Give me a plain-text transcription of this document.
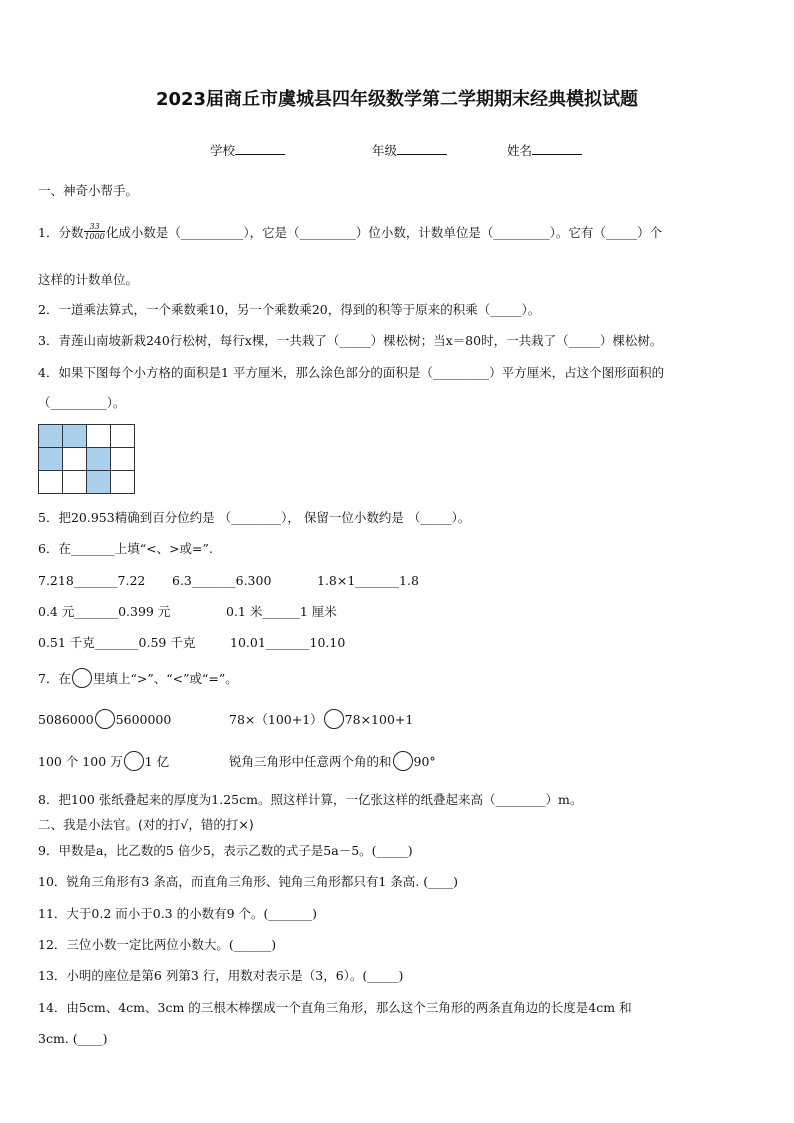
2023届商丘市虞城县四年级数学第二学期期末经典模拟试题
学校	年级	姓名
一、神奇小帮手。
1．分数 $\frac{33}{1000}$ 化成小数是（__________），它是（_________）位小数，计数单位是（_________）。它有（_____）个
这样的计数单位。
2．一道乘法算式，一个乘数乘10，另一个乘数乘20，得到的积等于原来的积乘（_____）。
3．青莲山南坡新栽240行松树，每行x棵，一共栽了（_____）棵松树；当x＝80时，一共栽了（_____）棵松树。
4．如果下图每个小方格的面积是1 平方厘米，那么涂色部分的面积是（_________）平方厘米，占这个图形面积的
（_________）。

5．把20.953精确到百分位约是 （________）， 保留一位小数约是 （_____）。
6．在_______上填“<、>或=”.
7.218_______7.22 6.3_______6.300	1.8×1_______1.8
0.4 元_______0.399 元	0.1 米______1 厘米
0.51 千克_______0.59 千克	10.01_______10.10
7．在 里填上“>”、“<”或“=”。
5086000 5600000	78×（100+1） 78×100+1
100 个 100 万 1 亿	锐角三角形中任意两个角的和 90°
8．把100 张纸叠起来的厚度为1.25cm。照这样计算，一亿张这样的纸叠起来高（________）m。
二、我是小法官。(对的打√，错的打×)
9．甲数是a，比乙数的5 倍少5，表示乙数的式子是5a－5。(_____)
10．锐角三角形有3 条高，而直角三角形、钝角三角形都只有1 条高. (____)
11．大于0.2 而小于0.3 的小数有9 个。(_______)
12．三位小数一定比两位小数大。(______)
13．小明的座位是第6 列第3 行，用数对表示是（3，6）。(_____)
14．由5cm、4cm、3cm 的三根木棒摆成一个直角三角形，那么这个三角形的两条直角边的长度是4cm 和
3cm. (____)
